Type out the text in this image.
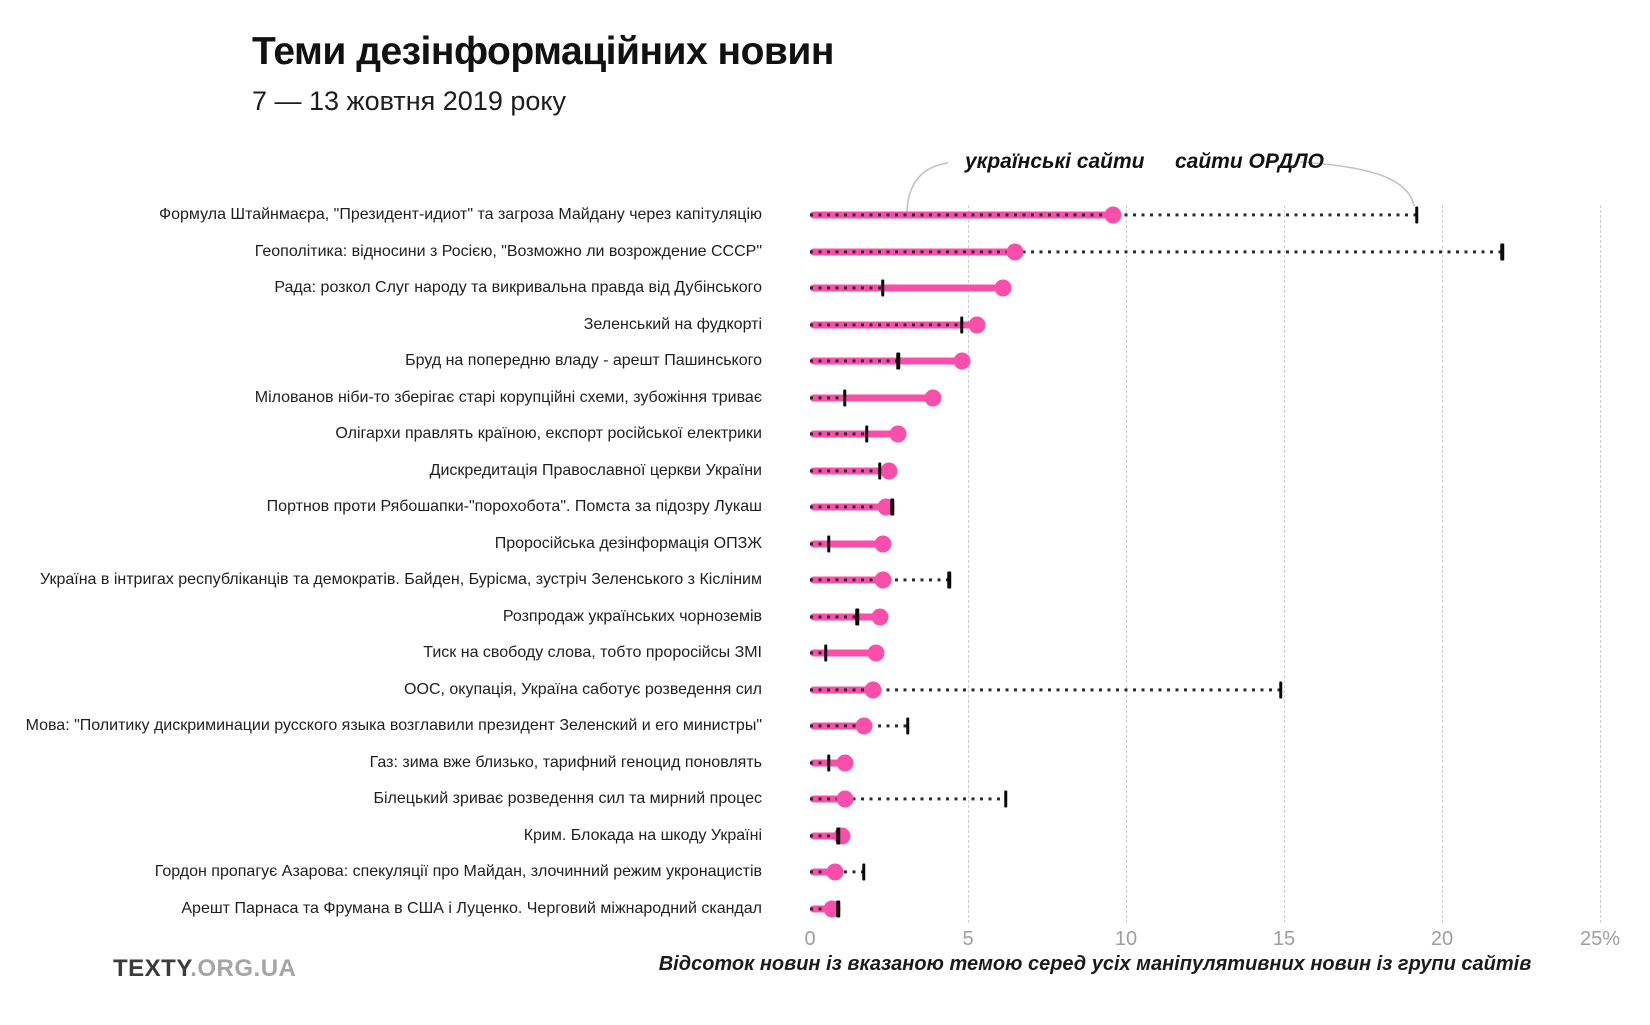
Теми дезінформаційних новин
7 — 13 жовтня 2019 року
українські сайти сайти ОРДЛО
Формула Штайнмаєра, "Президент-идиот" та загроза Майдану через капітуляцію
Геополітика: відносини з Росією, "Возможно ли возрождение СССР"
Рада: розкол Слуг народу та викривальна правда від Дубінського
Зеленський на фудкорті
Бруд на попередню владу - арешт Пашинського
Мілованов ніби-то зберігає старі корупційні схеми, зубожіння триває
Олігархи правлять країною, експорт російської електрики
Дискредитація Православної церкви України
Портнов проти Рябошапки-"порохобота". Помста за підозру Лукаш
Проросійська дезінформація ОПЗЖ
Україна в інтригах республіканців та демократів. Байден, Бурісма, зустріч Зеленського з Кісліним
Розпродаж українських чорноземів
Тиск на свободу слова, тобто проросійсы ЗМІ
ООС, окупація, Україна саботує розведення сил
Мова: "Политику дискриминации русского языка возглавили президент Зеленский и его министры"
Газ: зима вже близько, тарифний геноцид поновлять
Білецький зриває розведення сил та мирний процес
Крим. Блокада на шкоду Україні
Гордон пропагує Азарова: спекуляції про Майдан, злочинний режим укронацистів
Арешт Парнаса та Фрумана в США і Луценко. Черговий міжнародний скандал
0	5	10	15	20	25%
Відсоток новин із вказаною темою серед усіх маніпулятивних новин із групи сайтів
TEXTY.ORG.UA
